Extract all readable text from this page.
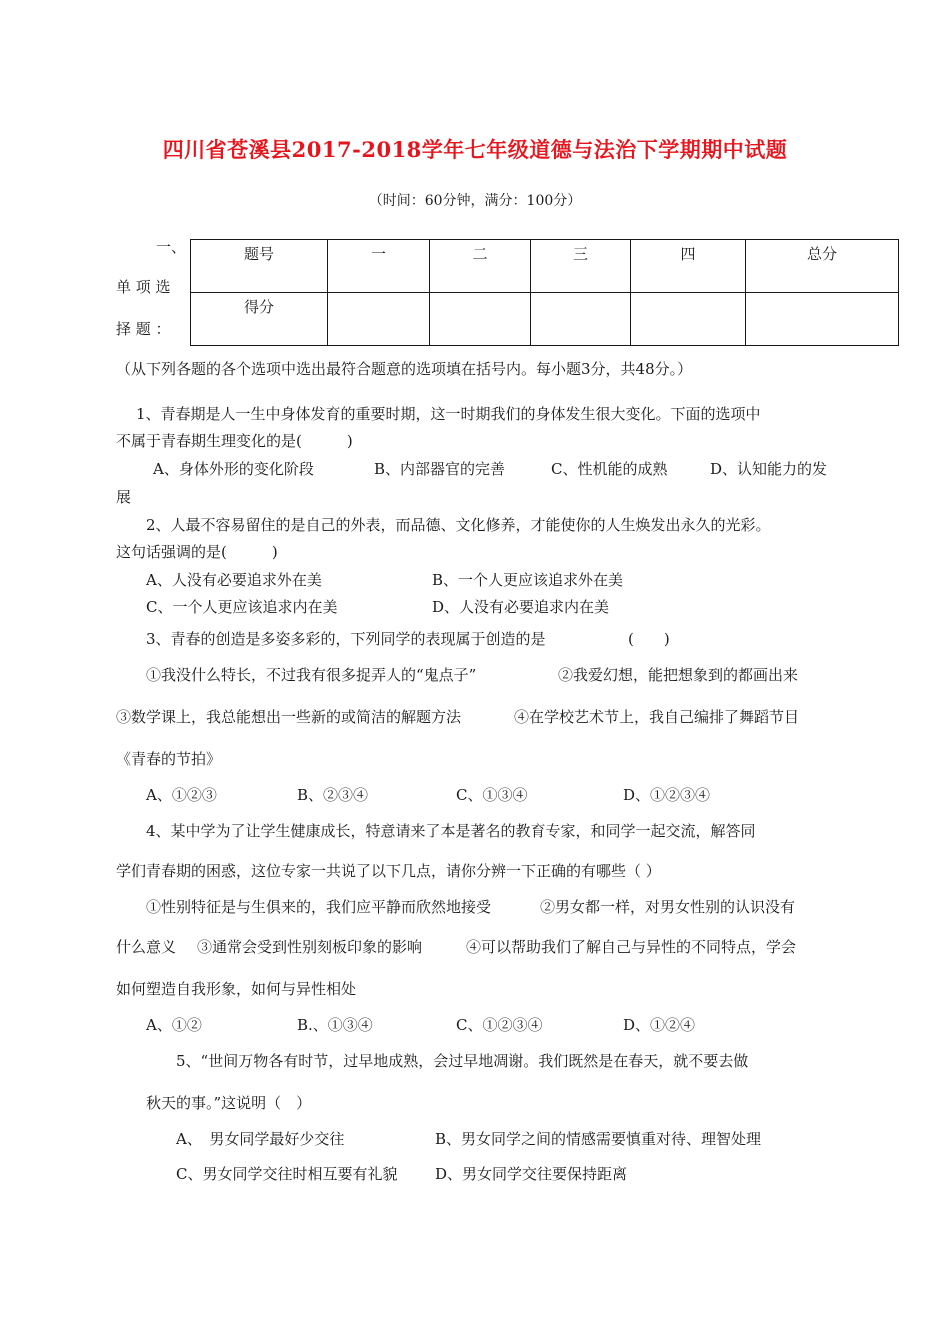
四川省苍溪县2017-2018学年七年级道德与法治下学期期中试题
（时间：60分钟，满分：100分）
一、
单 项 选
择 题 ：
题号	一	二	三	四	总分
得分					
（从下列各题的各个选项中选出最符合题意的选项填在括号内。每小题3分，共48分。）
1、青春期是人一生中身体发育的重要时期，这一时期我们的身体发生很大变化。下面的选项中
不属于青春期生理变化的是(　　　)
A、身体外形的变化阶段	B、内部器官的完善	C、性机能的成熟	D、认知能力的发
展
2、人最不容易留住的是自己的外表，而品德、文化修养，才能使你的人生焕发出永久的光彩。
这句话强调的是(　　　)
A、人没有必要追求外在美	B、一个人更应该追求外在美
C、一个人更应该追求内在美	D、人没有必要追求内在美
3、青春的创造是多姿多彩的，下列同学的表现属于创造的是	(　　)
①我没什么特长，不过我有很多捉弄人的“鬼点子”	②我爱幻想，能把想象到的都画出来
③数学课上，我总能想出一些新的或简洁的解题方法	④在学校艺术节上，我自己编排了舞蹈节目
《青春的节拍》
A、①②③	B、②③④	C、①③④	D、①②③④
4、某中学为了让学生健康成长，特意请来了本是著名的教育专家，和同学一起交流，解答同
学们青春期的困惑，这位专家一共说了以下几点，请你分辨一下正确的有哪些（ ）
①性别特征是与生俱来的，我们应平静而欣然地接受	②男女都一样，对男女性别的认识没有
什么意义 ③通常会受到性别刻板印象的影响	④可以帮助我们了解自己与异性的不同特点，学会
如何塑造自我形象，如何与异性相处
A、①②	B.、①③④	C、①②③④	D、①②④
5、“世间万物各有时节，过早地成熟，会过早地凋谢。我们既然是在春天，就不要去做
秋天的事。”这说明（　）
A、　男女同学最好少交往	B、男女同学之间的情感需要慎重对待、理智处理
C、男女同学交往时相互要有礼貌	D、男女同学交往要保持距离
